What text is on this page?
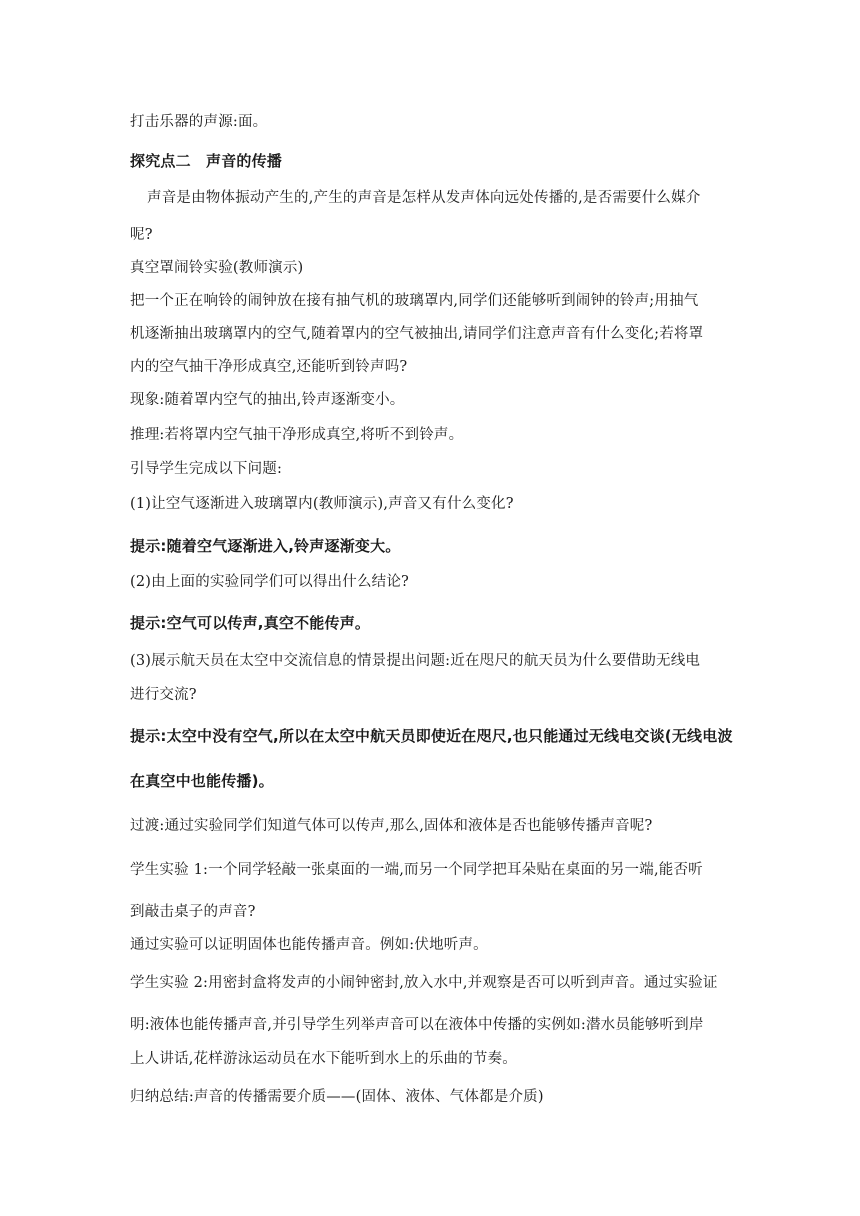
打击乐器的声源:面。
探究点二　声音的传播
声音是由物体振动产生的,产生的声音是怎样从发声体向远处传播的,是否需要什么媒介
呢?
真空罩闹铃实验(教师演示)
把一个正在响铃的闹钟放在接有抽气机的玻璃罩内,同学们还能够听到闹钟的铃声;用抽气
机逐渐抽出玻璃罩内的空气,随着罩内的空气被抽出,请同学们注意声音有什么变化;若将罩
内的空气抽干净形成真空,还能听到铃声吗?
现象:随着罩内空气的抽出,铃声逐渐变小。
推理:若将罩内空气抽干净形成真空,将听不到铃声。
引导学生完成以下问题:
(1)让空气逐渐进入玻璃罩内(教师演示),声音又有什么变化?
提示:随着空气逐渐进入,铃声逐渐变大。
(2)由上面的实验同学们可以得出什么结论?
提示:空气可以传声,真空不能传声。
(3)展示航天员在太空中交流信息的情景提出问题:近在咫尺的航天员为什么要借助无线电
进行交流?
提示:太空中没有空气,所以在太空中航天员即使近在咫尺,也只能通过无线电交谈(无线电波
在真空中也能传播)。
过渡:通过实验同学们知道气体可以传声,那么,固体和液体是否也能够传播声音呢?
学生实验 1:一个同学轻敲一张桌面的一端,而另一个同学把耳朵贴在桌面的另一端,能否听
到敲击桌子的声音?
通过实验可以证明固体也能传播声音。例如:伏地听声。
学生实验 2:用密封盒将发声的小闹钟密封,放入水中,并观察是否可以听到声音。通过实验证
明:液体也能传播声音,并引导学生列举声音可以在液体中传播的实例如:潜水员能够听到岸
上人讲话,花样游泳运动员在水下能听到水上的乐曲的节奏。
归纳总结:声音的传播需要介质——(固体、液体、气体都是介质)
